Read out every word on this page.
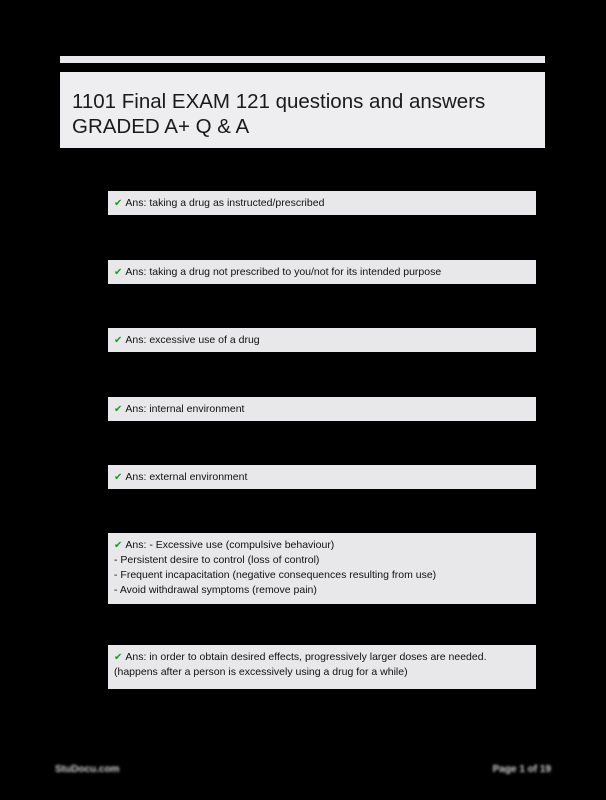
1101 Final EXAM 121 questions and answers
GRADED A+ Q & A
✔ Ans: taking a drug as instructed/prescribed
✔ Ans: taking a drug not prescribed to you/not for its intended purpose
✔ Ans: excessive use of a drug
✔ Ans: internal environment
✔ Ans: external environment
✔ Ans: - Excessive use (compulsive behaviour)
- Persistent desire to control (loss of control)
- Frequent incapacitation (negative consequences resulting from use)
- Avoid withdrawal symptoms (remove pain)
✔ Ans: in order to obtain desired effects, progressively larger doses are needed.
(happens after a person is excessively using a drug for a while)
StuDocu.com	Page 1 of 19
